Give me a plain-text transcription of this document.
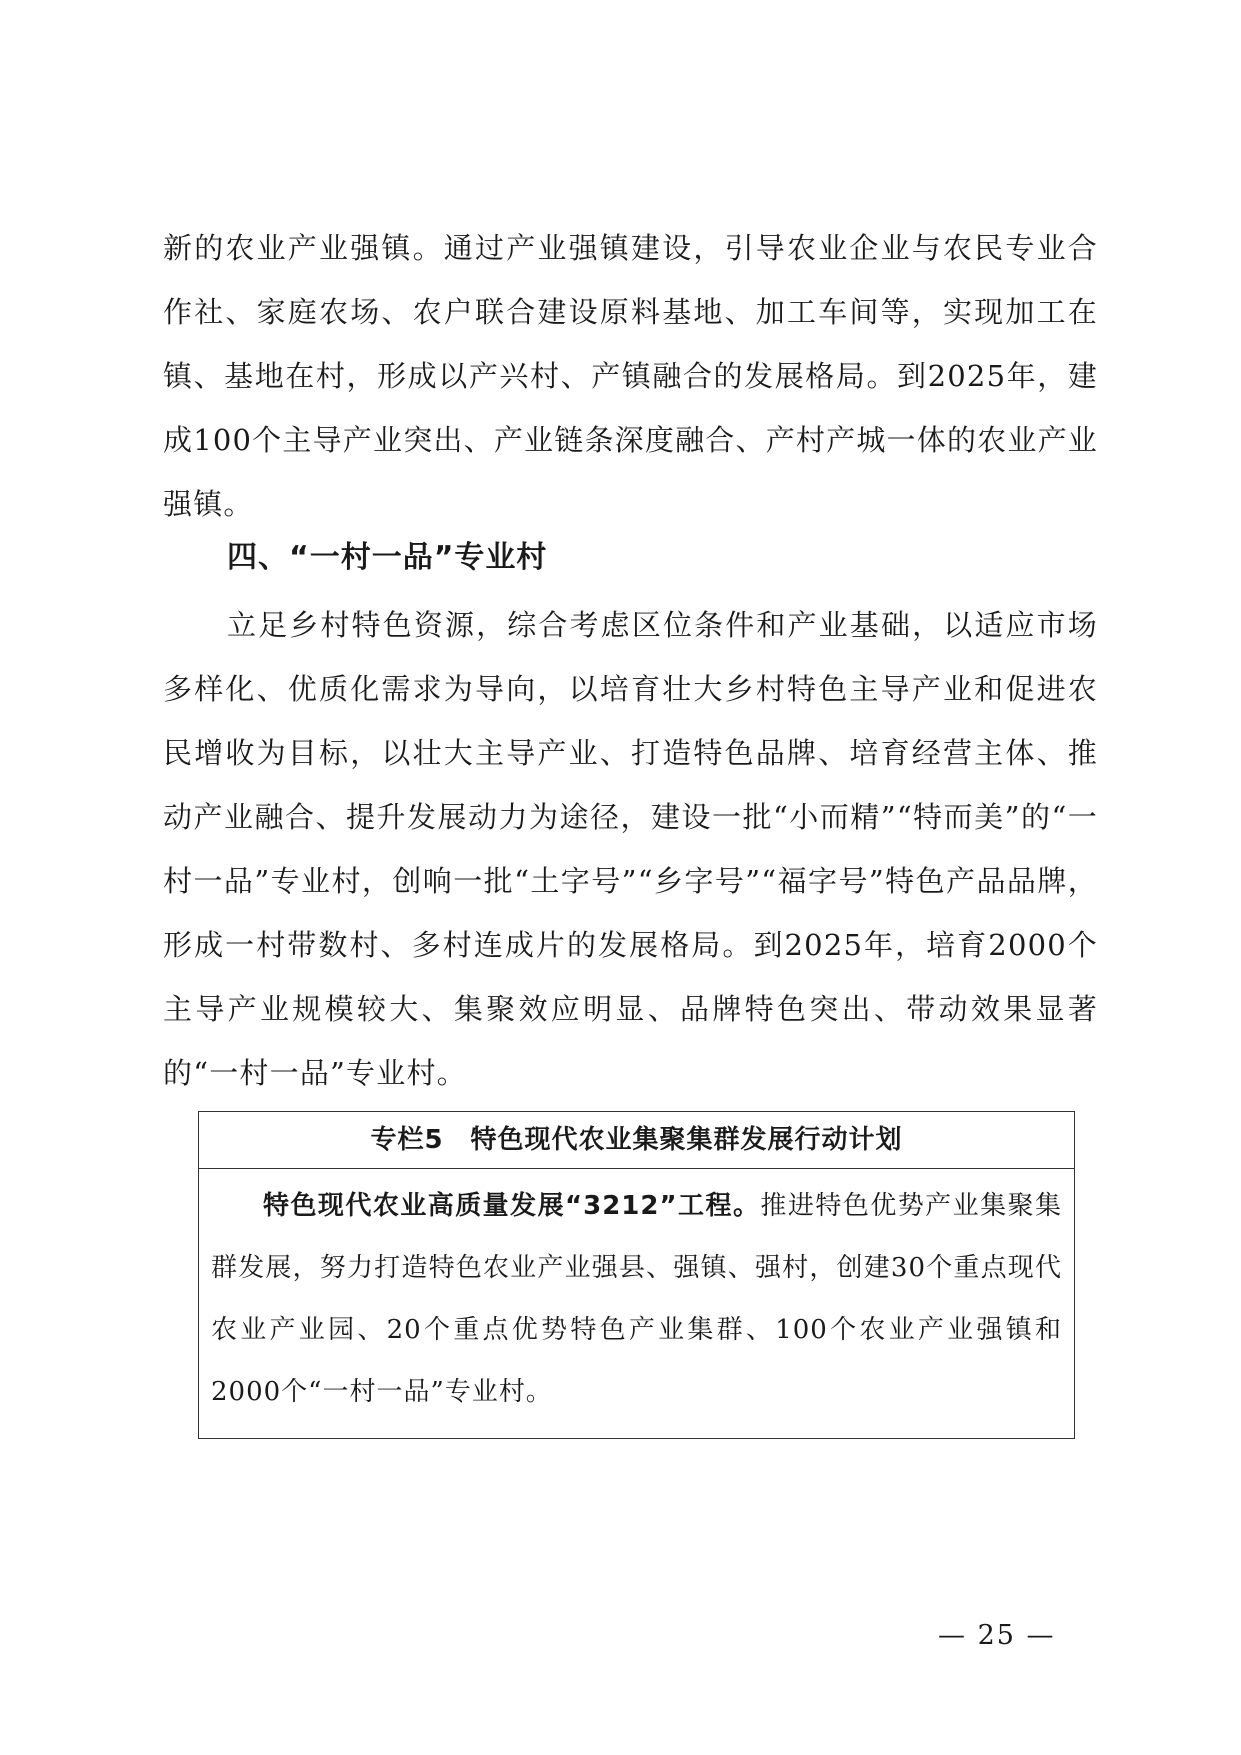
新的农业产业强镇。通过产业强镇建设，引导农业企业与农民专业合作社、家庭农场、农户联合建设原料基地、加工车间等，实现加工在镇、基地在村，形成以产兴村、产镇融合的发展格局。到2025年，建成100个主导产业突出、产业链条深度融合、产村产城一体的农业产业强镇。
四、“一村一品”专业村
立足乡村特色资源，综合考虑区位条件和产业基础，以适应市场多样化、优质化需求为导向，以培育壮大乡村特色主导产业和促进农民增收为目标，以壮大主导产业、打造特色品牌、培育经营主体、推动产业融合、提升发展动力为途径，建设一批“小而精”“特而美”的“一村一品”专业村，创响一批“土字号”“乡字号”“福字号”特色产品品牌，形成一村带数村、多村连成片的发展格局。到2025年，培育2000个主导产业规模较大、集聚效应明显、品牌特色突出、带动效果显著的“一村一品”专业村。
专栏5　特色现代农业集聚集群发展行动计划
特色现代农业高质量发展“3212”工程。推进特色优势产业集聚集群发展，努力打造特色农业产业强县、强镇、强村，创建30个重点现代农业产业园、20个重点优势特色产业集群、100个农业产业强镇和2000个“一村一品”专业村。
— 25 —
